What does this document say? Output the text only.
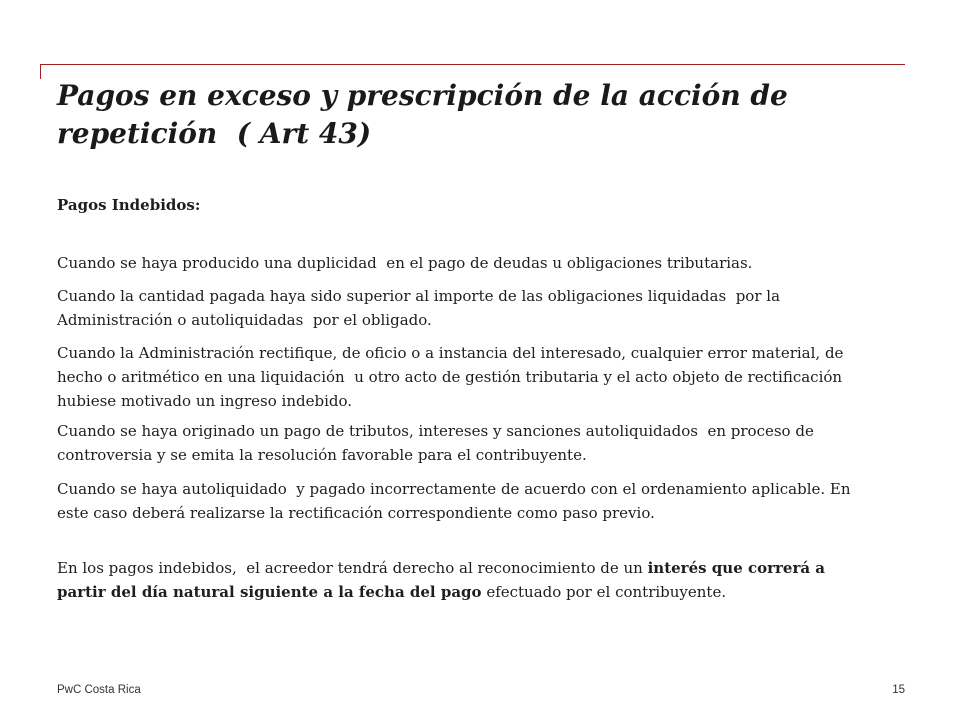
Pagos en exceso y prescripción de la acción de
repetición  ( Art 43)
Pagos Indebidos:
Cuando se haya producido una duplicidad  en el pago de deudas u obligaciones tributarias.
Cuando la cantidad pagada haya sido superior al importe de las obligaciones liquidadas  por la
Administración o autoliquidadas  por el obligado.
Cuando la Administración rectifique, de oficio o a instancia del interesado, cualquier error material, de
hecho o aritmético en una liquidación  u otro acto de gestión tributaria y el acto objeto de rectificación
hubiese motivado un ingreso indebido.
Cuando se haya originado un pago de tributos, intereses y sanciones autoliquidados  en proceso de
controversia y se emita la resolución favorable para el contribuyente.
Cuando se haya autoliquidado  y pagado incorrectamente de acuerdo con el ordenamiento aplicable. En
este caso deberá realizarse la rectificación correspondiente como paso previo.
En los pagos indebidos,  el acreedor tendrá derecho al reconocimiento de un interés que correrá a
partir del día natural siguiente a la fecha del pago efectuado por el contribuyente.
PwC Costa Rica	15
